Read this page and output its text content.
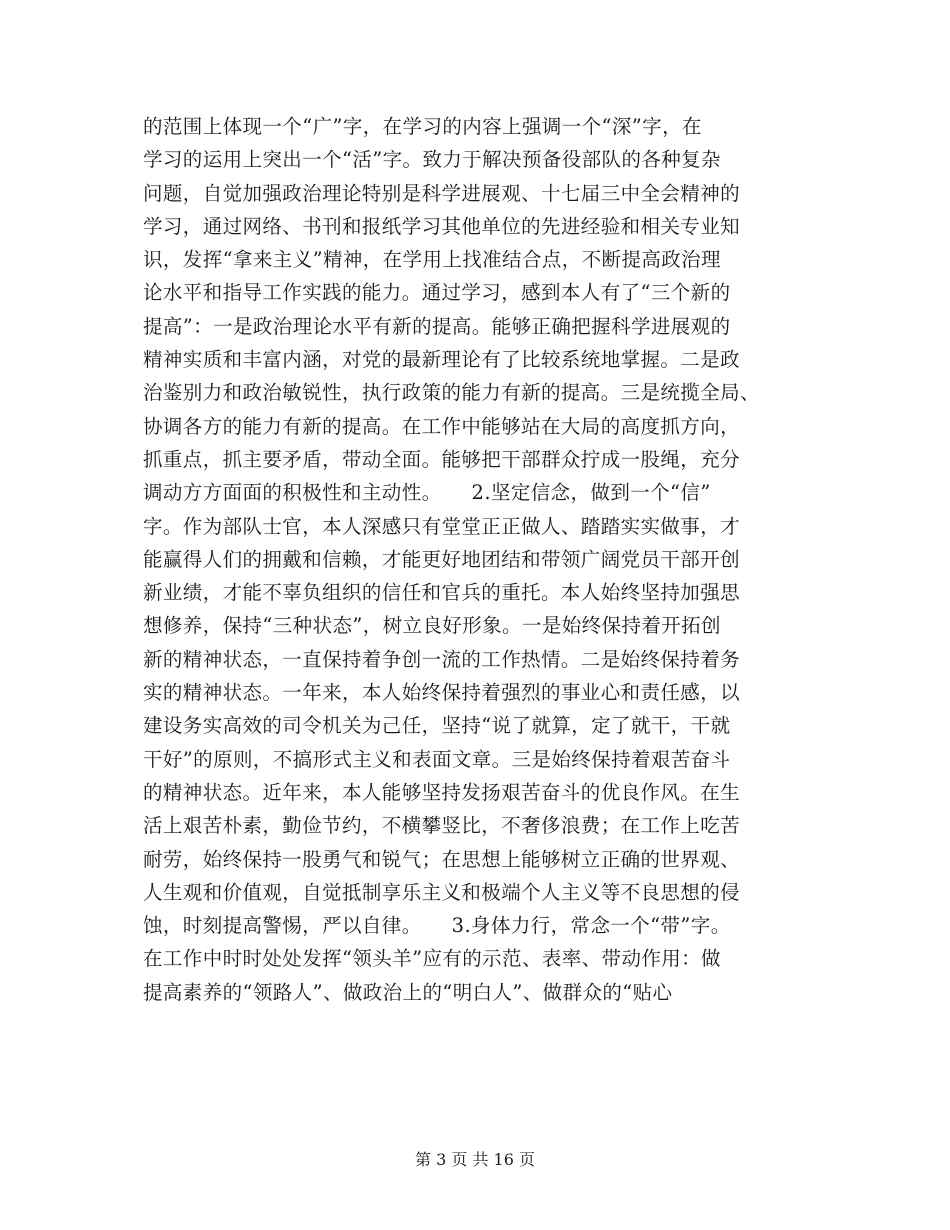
的范围上体现一个“广”字，在学习的内容上强调一个“深”字，在
学习的运用上突出一个“活”字。致力于解决预备役部队的各种复杂
问题，自觉加强政治理论特别是科学进展观、十七届三中全会精神的
学习，通过网络、书刊和报纸学习其他单位的先进经验和相关专业知
识，发挥“拿来主义”精神，在学用上找准结合点，不断提高政治理
论水平和指导工作实践的能力。通过学习，感到本人有了“三个新的
提高”：一是政治理论水平有新的提高。能够正确把握科学进展观的
精神实质和丰富内涵，对党的最新理论有了比较系统地掌握。二是政
治鉴别力和政治敏锐性，执行政策的能力有新的提高。三是统揽全局、
协调各方的能力有新的提高。在工作中能够站在大局的高度抓方向，
抓重点，抓主要矛盾，带动全面。能够把干部群众拧成一股绳，充分
调动方方面面的积极性和主动性。　　2.坚定信念，做到一个“信”
字。作为部队士官，本人深感只有堂堂正正做人、踏踏实实做事，才
能赢得人们的拥戴和信赖，才能更好地团结和带领广阔党员干部开创
新业绩，才能不辜负组织的信任和官兵的重托。本人始终坚持加强思
想修养，保持“三种状态”，树立良好形象。一是始终保持着开拓创
新的精神状态，一直保持着争创一流的工作热情。二是始终保持着务
实的精神状态。一年来，本人始终保持着强烈的事业心和责任感，以
建设务实高效的司令机关为己任，坚持“说了就算，定了就干，干就
干好”的原则，不搞形式主义和表面文章。三是始终保持着艰苦奋斗
的精神状态。近年来，本人能够坚持发扬艰苦奋斗的优良作风。在生
活上艰苦朴素，勤俭节约，不横攀竖比，不奢侈浪费；在工作上吃苦
耐劳，始终保持一股勇气和锐气；在思想上能够树立正确的世界观、
人生观和价值观，自觉抵制享乐主义和极端个人主义等不良思想的侵
蚀，时刻提高警惕，严以自律。　　3.身体力行，常念一个“带”字。
在工作中时时处处发挥“领头羊”应有的示范、表率、带动作用：做
提高素养的“领路人”、做政治上的“明白人”、做群众的“贴心
第 3 页 共 16 页
